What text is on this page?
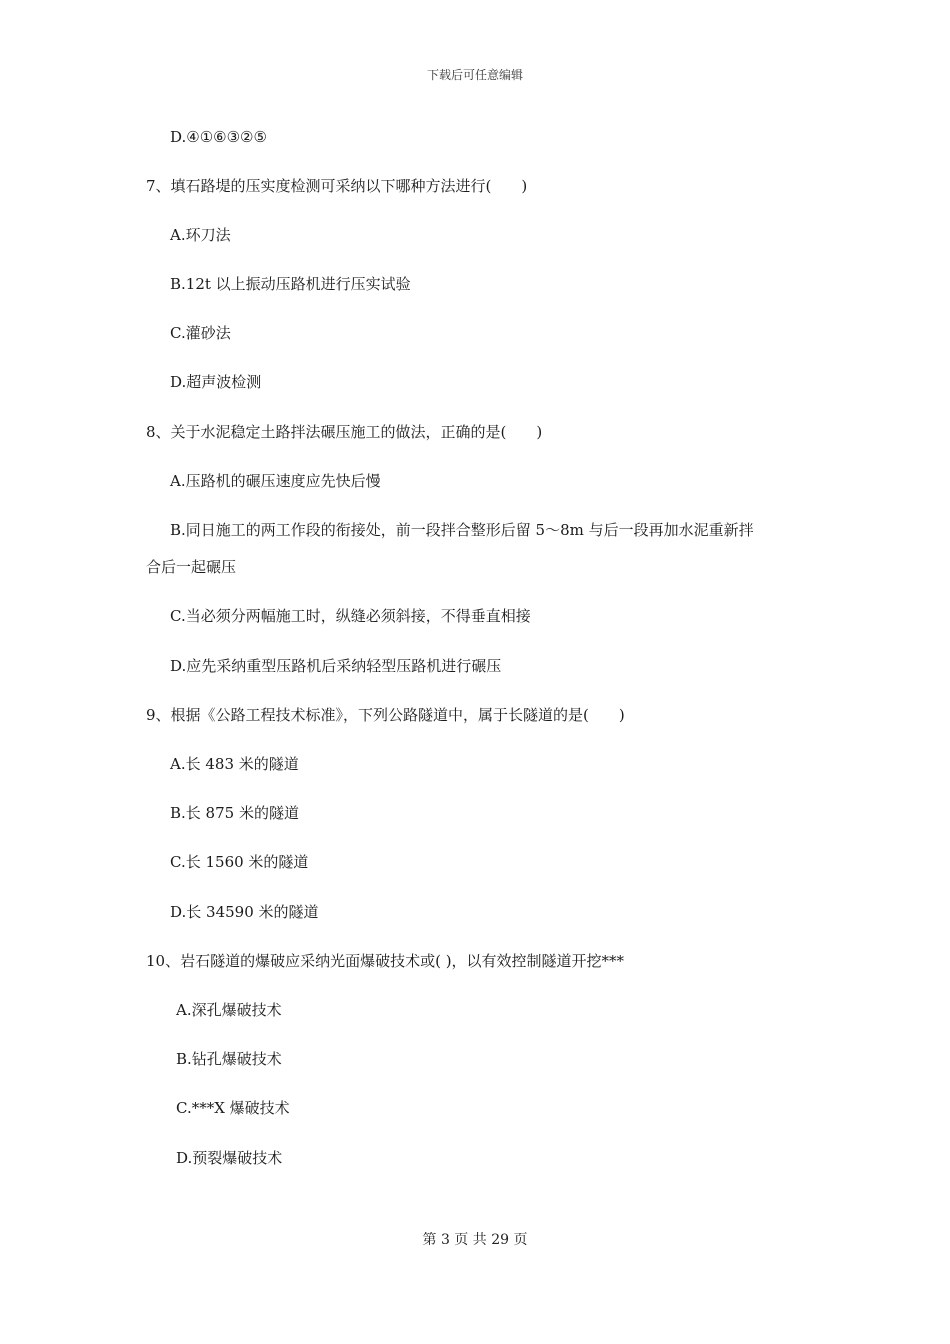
下载后可任意编辑
D.④①⑥③②⑤
7、填石路堤的压实度检测可采纳以下哪种方法进行(　　)
A.环刀法
B.12t 以上振动压路机进行压实试验
C.灌砂法
D.超声波检测
8、关于水泥稳定土路拌法碾压施工的做法，正确的是(　　)
A.压路机的碾压速度应先快后慢
B.同日施工的两工作段的衔接处，前一段拌合整形后留 5～8m 与后一段再加水泥重新拌
合后一起碾压
C.当必须分两幅施工时，纵缝必须斜接，不得垂直相接
D.应先采纳重型压路机后采纳轻型压路机进行碾压
9、根据《公路工程技术标准》，下列公路隧道中，属于长隧道的是(　　)
A.长 483 米的隧道
B.长 875 米的隧道
C.长 1560 米的隧道
D.长 34590 米的隧道
10、岩石隧道的爆破应采纳光面爆破技术或( )，以有效控制隧道开挖***
A.深孔爆破技术
B.钻孔爆破技术
C.***X 爆破技术
D.预裂爆破技术
第 3 页 共 29 页
